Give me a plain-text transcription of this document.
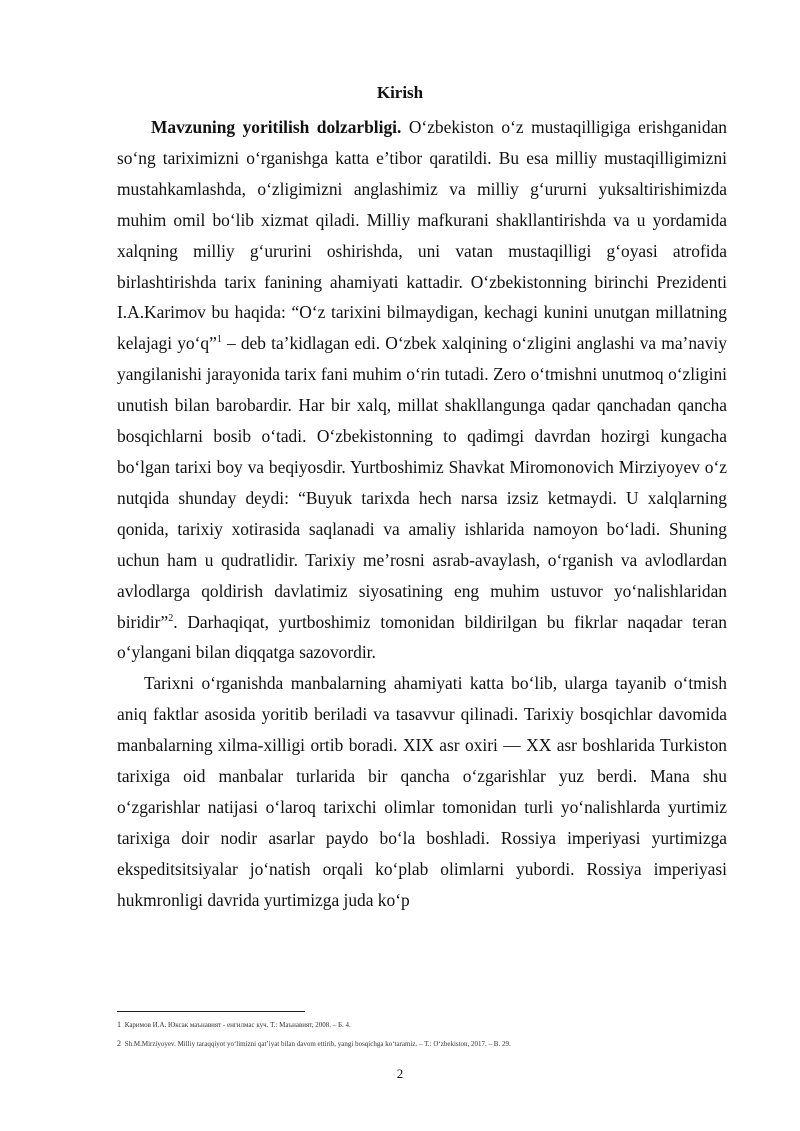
Kirish

Mavzuning yoritilish dolzarbligi. O‘zbekiston o‘z mustaqilligiga erishganidan so‘ng tariximizni o‘rganishga katta e’tibor qaratildi. Bu esa milliy mustaqilligimizni mustahkamlashda, o‘zligimizni anglashimiz va milliy g‘ururni yuksaltirishimizda muhim omil bo‘lib xizmat qiladi. Milliy mafkurani shakllantirishda va u yordamida xalqning milliy g‘ururini oshirishda, uni vatan mustaqilligi g‘oyasi atrofida birlashtirishda tarix fanining ahamiyati kattadir. O‘zbekistonning birinchi Prezidenti I.A.Karimov bu haqida: “O‘z tarixini bilmaydigan, kechagi kunini unutgan millatning kelajagi yo‘q”$^1$ – deb ta’kidlagan edi. O‘zbek xalqining o‘zligini anglashi va ma’naviy yangilanishi jarayonida tarix fani muhim o‘rin tutadi. Zero o‘tmishni unutmoq o‘zligini unutish bilan barobardir. Har bir xalq, millat shakllangunga qadar qanchadan qancha bosqichlarni bosib o‘tadi. O‘zbekistonning to qadimgi davrdan hozirgi kungacha bo‘lgan tarixi boy va beqiyosdir. Yurtboshimiz Shavkat Miromonovich Mirziyoyev o‘z nutqida shunday deydi: “Buyuk tarixda hech narsa izsiz ketmaydi. U xalqlarning qonida, tarixiy xotirasida saqlanadi va amaliy ishlarida namoyon bo‘ladi. Shuning uchun ham u qudratlidir. Tarixiy me’rosni asrab-avaylash, o‘rganish va avlodlardan avlodlarga qoldirish davlatimiz siyosatining eng muhim ustuvor yo‘nalishlaridan biridir”$^2$. Darhaqiqat, yurtboshimiz tomonidan bildirilgan bu fikrlar naqadar teran o‘ylangani bilan diqqatga sazovordir.

Tarixni o‘rganishda manbalarning ahamiyati katta bo‘lib, ularga tayanib o‘tmish aniq faktlar asosida yoritib beriladi va tasavvur qilinadi. Tarixiy bosqichlar davomida manbalarning xilma-xilligi ortib boradi. XIX asr oxiri — XX asr boshlarida Turkiston tarixiga oid manbalar turlarida bir qancha o‘zgarishlar yuz berdi. Mana shu o‘zgarishlar natijasi o‘laroq tarixchi olimlar tomonidan turli yo‘nalishlarda yurtimiz tarixiga doir nodir asarlar paydo bo‘la boshladi. Rossiya imperiyasi yurtimizga ekspeditsitsiyalar jo‘natish orqali ko‘plab olimlarni yubordi. Rossiya imperiyasi hukmronligi davrida yurtimizga juda ko‘p

1 Каримов И.А. Юксак маънавият - енгилмас куч. Т.: Маънавият, 2008. – Б. 4.
2 Sh.M.Mirziyoyev. Milliy taraqqiyot yo‘limizni qat’iyat bilan davom ettirib, yangi bosqichga ko‘taramiz. – T.: O‘zbekiston, 2017. – B. 29.
2
